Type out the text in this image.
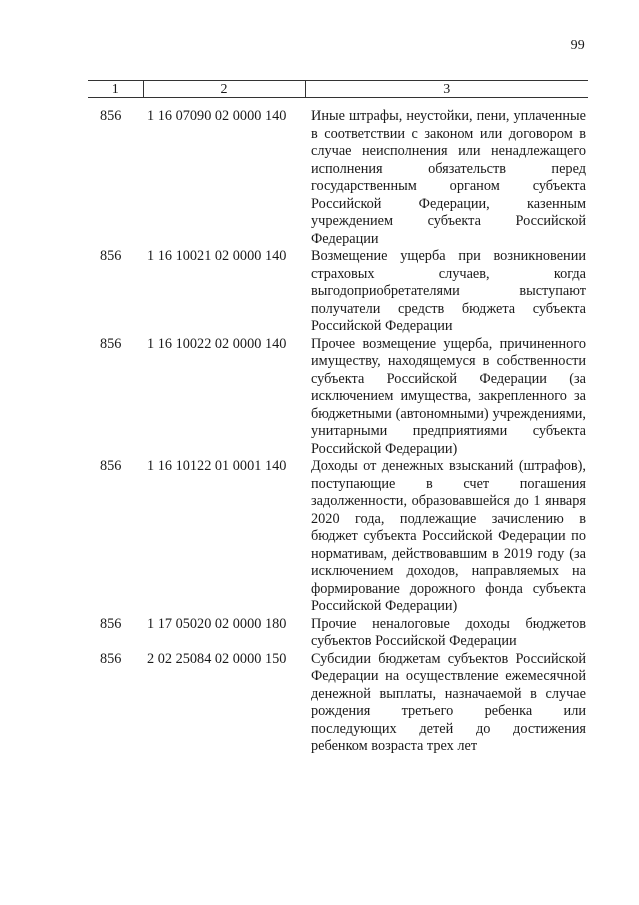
99
1	2	3
856	1 16 07090 02 0000 140	Иные штрафы, неустойки, пени, уплаченные в соответствии с законом или договором в случае неисполнения или ненадлежащего исполнения обязательств перед государственным органом субъекта Российской Федерации, казенным учреждением субъекта Российской Федерации
856	1 16 10021 02 0000 140	Возмещение ущерба при возникновении страховых случаев, когда выгодоприобретателями выступают получатели средств бюджета субъекта Российской Федерации
856	1 16 10022 02 0000 140	Прочее возмещение ущерба, причиненного имуществу, находящемуся в собственности субъекта Российской Федерации (за исключением имущества, закрепленного за бюджетными (автономными) учреждениями, унитарными предприятиями субъекта Российской Федерации)
856	1 16 10122 01 0001 140	Доходы от денежных взысканий (штрафов), поступающие в счет погашения задолженности, образовавшейся до 1 января 2020 года, подлежащие зачислению в бюджет субъекта Российской Федерации по нормативам, действовавшим в 2019 году (за исключением доходов, направляемых на формирование дорожного фонда субъекта Российской Федерации)
856	1 17 05020 02 0000 180	Прочие неналоговые доходы бюджетов субъектов Российской Федерации
856	2 02 25084 02 0000 150	Субсидии бюджетам субъектов Российской Федерации на осуществление ежемесячной денежной выплаты, назначаемой в случае рождения третьего ребенка или последующих детей до достижения ребенком возраста трех лет
